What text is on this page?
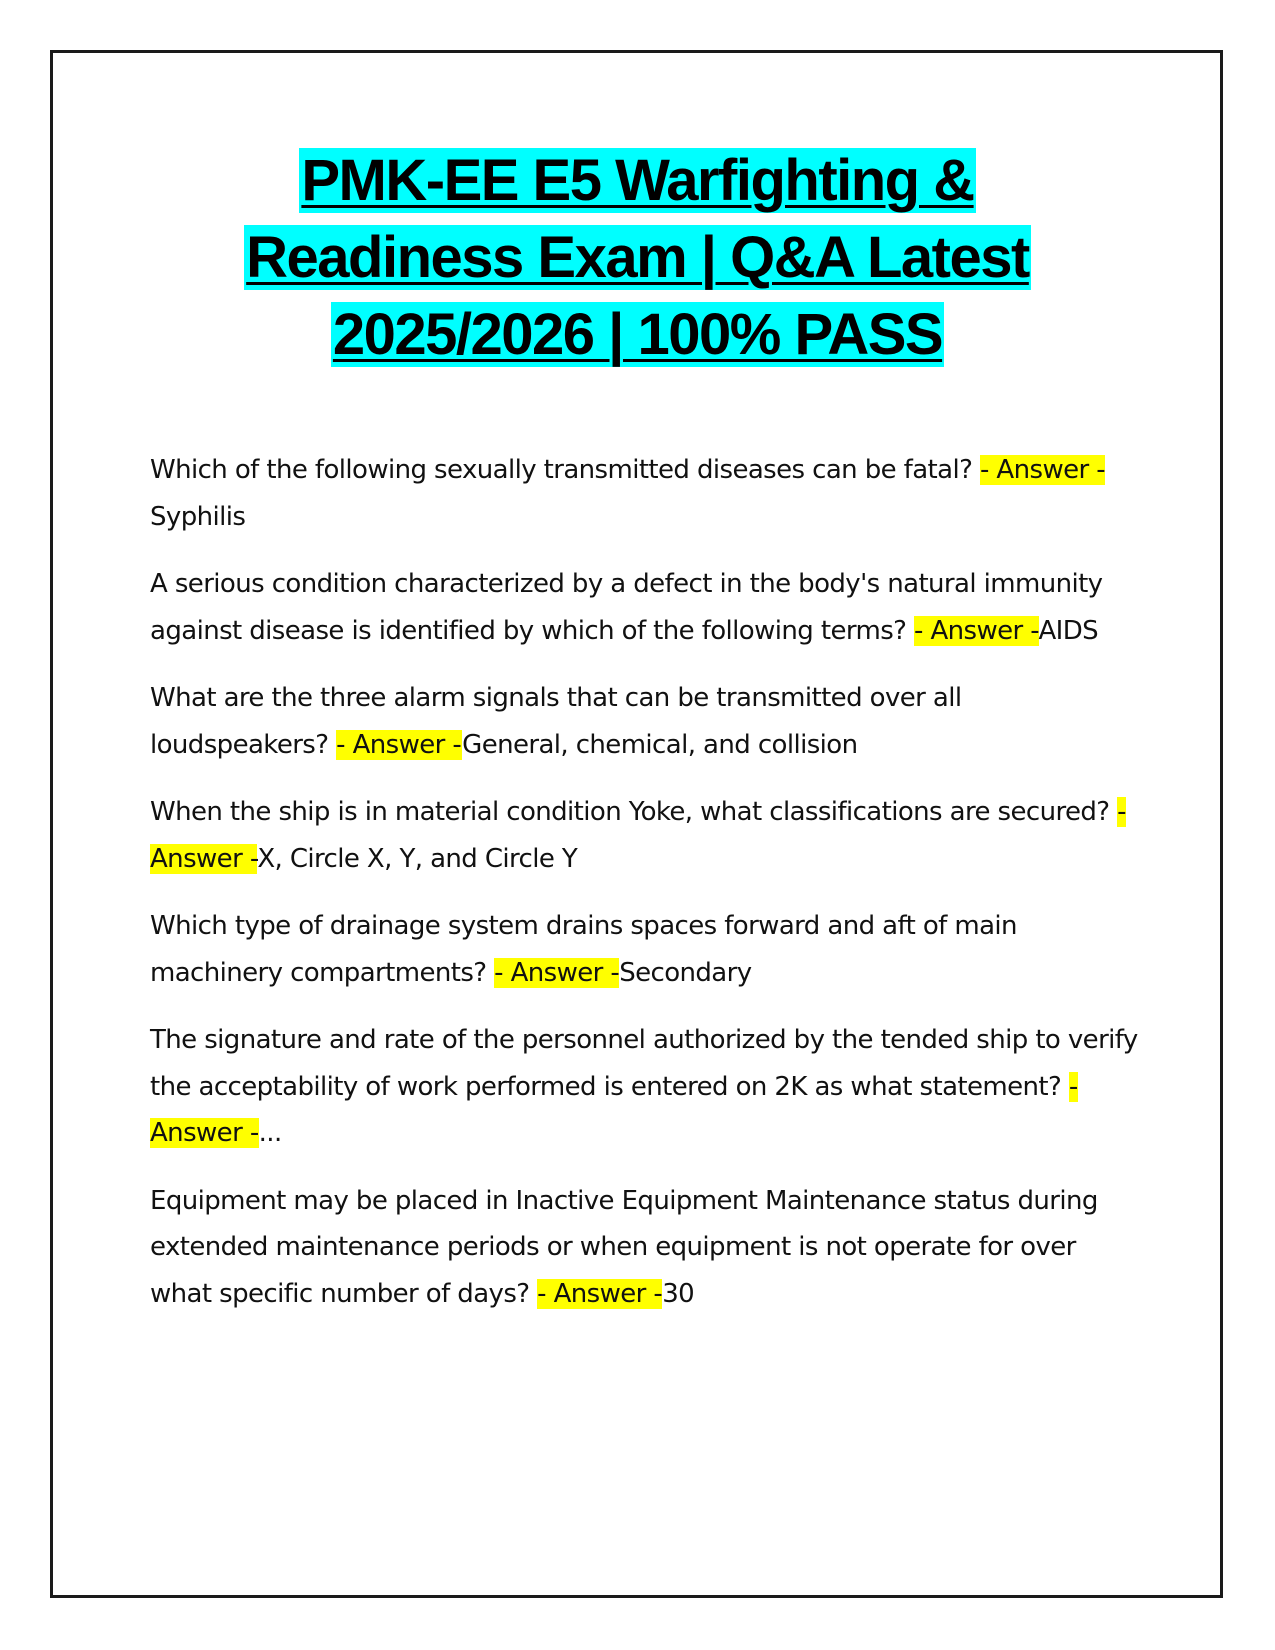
PMK-EE E5 Warfighting &
Readiness Exam | Q&A Latest
2025/2026 | 100% PASS

Which of the following sexually transmitted diseases can be fatal? - Answer -Syphilis

A serious condition characterized by a defect in the body's natural immunity against disease is identified by which of the following terms? - Answer -AIDS

What are the three alarm signals that can be transmitted over all loudspeakers? - Answer -General, chemical, and collision

When the ship is in material condition Yoke, what classifications are secured? - Answer -X, Circle X, Y, and Circle Y

Which type of drainage system drains spaces forward and aft of main machinery compartments? - Answer -Secondary

The signature and rate of the personnel authorized by the tended ship to verify the acceptability of work performed is entered on 2K as what statement? - Answer -...

Equipment may be placed in Inactive Equipment Maintenance status during extended maintenance periods or when equipment is not operate for over what specific number of days? - Answer -30
